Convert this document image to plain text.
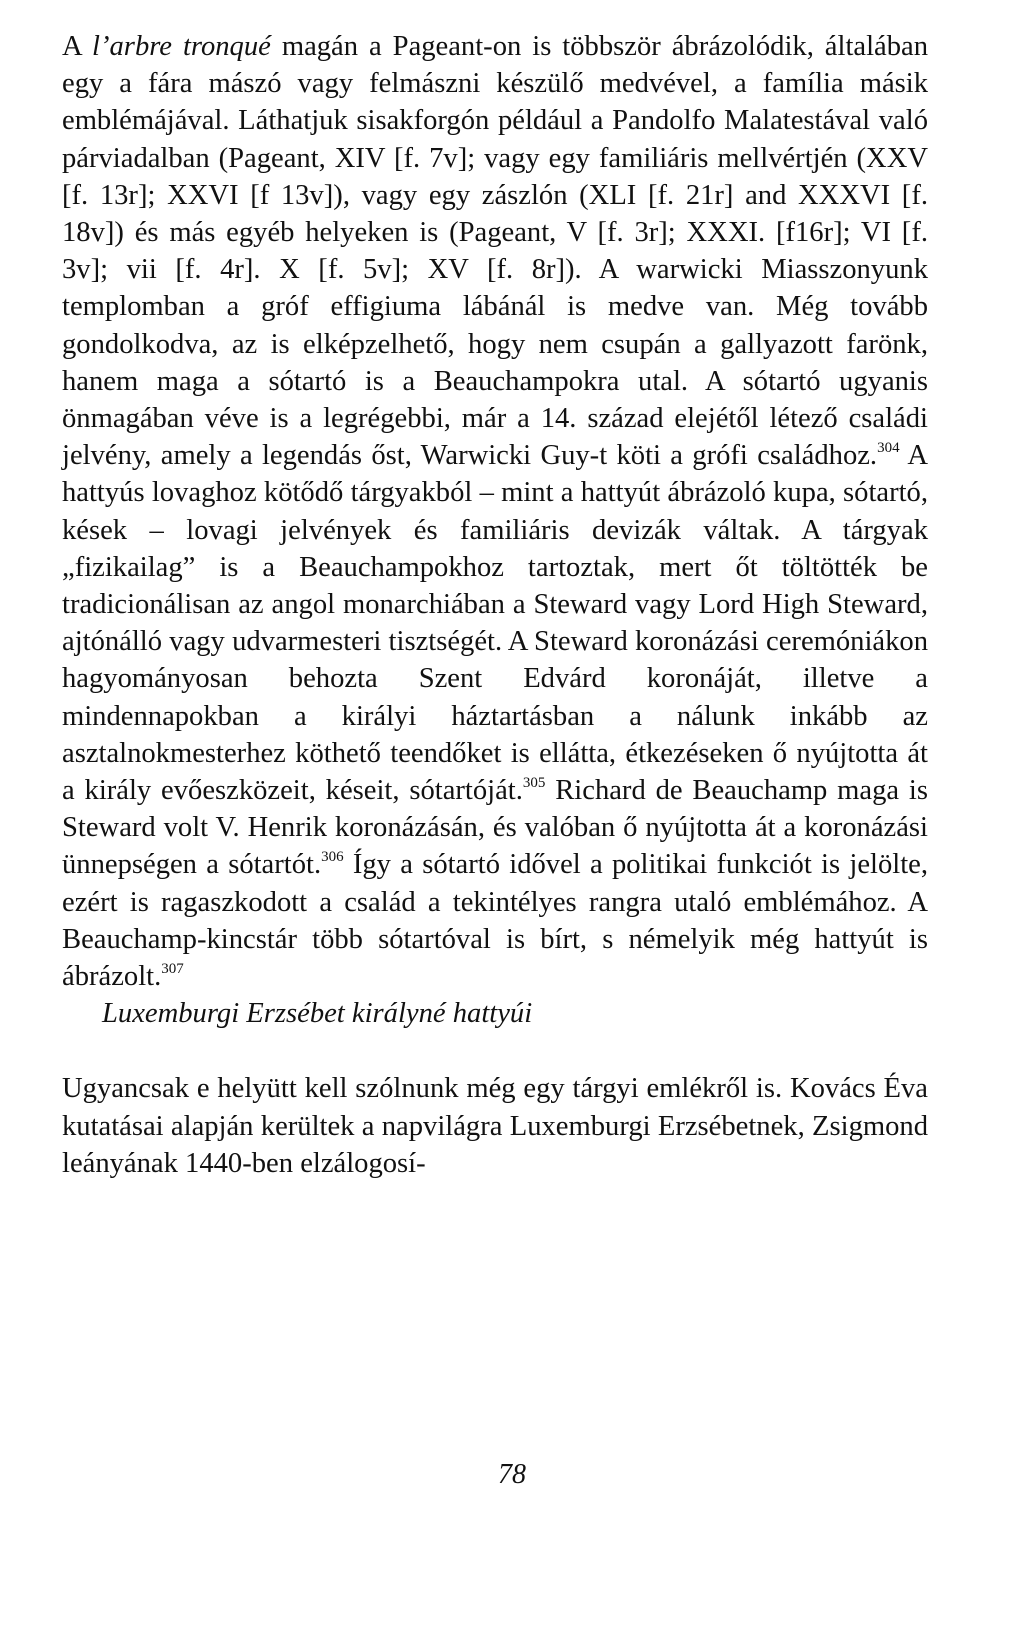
A l’arbre tronqué magán a Pageant-on is többször ábrázolódik, általában egy a fára mászó vagy felmászni készülő medvével, a família másik emblémájával. Láthatjuk sisakforgón például a Pandolfo Malatestával való párviadalban (Pageant, XIV [f. 7v]; vagy egy familiáris mellvértjén (XXV [f. 13r]; XXVI [f 13v]), vagy egy zászlón (XLI [f. 21r] and XXXVI [f. 18v]) és más egyéb helyeken is (Pageant, V [f. 3r]; XXXI. [f16r]; VI [f. 3v]; vii [f. 4r]. X [f. 5v]; XV [f. 8r]). A warwicki Miasszonyunk templomban a gróf effigiuma lábánál is medve van. Még tovább gondolkodva, az is elképzelhető, hogy nem csupán a gallyazott farönk, hanem maga a sótartó is a Beauchampokra utal. A sótartó ugyanis önmagában véve is a legrégebbi, már a 14. század elejétől létező családi jelvény, amely a legendás őst, Warwicki Guy-t köti a grófi családhoz.$^{304}$ A hattyús lovaghoz kötődő tárgyakból – mint a hattyút ábrázoló kupa, sótartó, kések – lovagi jelvények és familiáris devizák váltak. A tárgyak „fizikailag” is a Beauchampokhoz tartoztak, mert őt töltötték be tradicionálisan az angol monarchiában a Steward vagy Lord High Steward, ajtónálló vagy udvarmesteri tisztségét. A Steward koronázási ceremóniákon hagyományosan behozta Szent Edvárd koronáját, illetve a mindennapokban a királyi háztartásban a nálunk inkább az asztalnokmesterhez köthető teendőket is ellátta, étkezéseken ő nyújtotta át a király evőeszközeit, késeit, sótartóját.$^{305}$ Richard de Beauchamp maga is Steward volt V. Henrik koronázásán, és valóban ő nyújtotta át a koronázási ünnepségen a sótartót.$^{306}$ Így a sótartó idővel a politikai funkciót is jelölte, ezért is ragaszkodott a család a tekintélyes rangra utaló emblémához. A Beauchamp-kincstár több sótartóval is bírt, s némelyik még hattyút is ábrázolt.$^{307}$

Luxemburgi Erzsébet királyné hattyúi

Ugyancsak e helyütt kell szólnunk még egy tárgyi emlékről is. Kovács Éva kutatásai alapján kerültek a napvilágra Luxemburgi Erzsébetnek, Zsigmond leányának 1440-ben elzálogosí-

78
